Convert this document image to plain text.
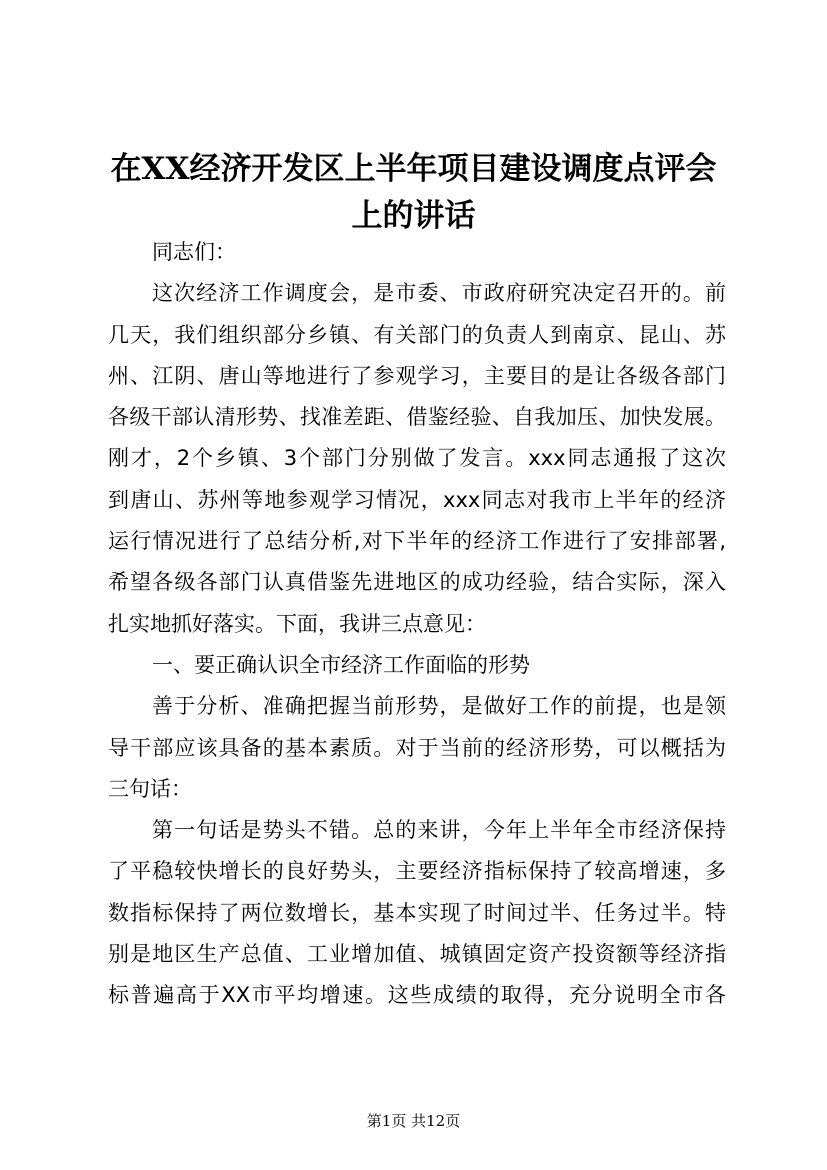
在XX经济开发区上半年项目建设调度点评会
上的讲话
同志们：
这次经济工作调度会，是市委、市政府研究决定召开的。前
几天，我们组织部分乡镇、有关部门的负责人到南京、昆山、苏
州、江阴、唐山等地进行了参观学习，主要目的是让各级各部门
各级干部认清形势、找准差距、借鉴经验、自我加压、加快发展。
刚才，2个乡镇、3个部门分别做了发言。xxx同志通报了这次
到唐山、苏州等地参观学习情况，xxx同志对我市上半年的经济
运行情况进行了总结分析,对下半年的经济工作进行了安排部署,
希望各级各部门认真借鉴先进地区的成功经验，结合实际，深入
扎实地抓好落实。下面，我讲三点意见：
一、要正确认识全市经济工作面临的形势
善于分析、准确把握当前形势，是做好工作的前提，也是领
导干部应该具备的基本素质。对于当前的经济形势，可以概括为
三句话：
第一句话是势头不错。总的来讲，今年上半年全市经济保持
了平稳较快增长的良好势头，主要经济指标保持了较高增速，多
数指标保持了两位数增长，基本实现了时间过半、任务过半。特
别是地区生产总值、工业增加值、城镇固定资产投资额等经济指
标普遍高于XX市平均增速。这些成绩的取得，充分说明全市各
第1页 共12页
